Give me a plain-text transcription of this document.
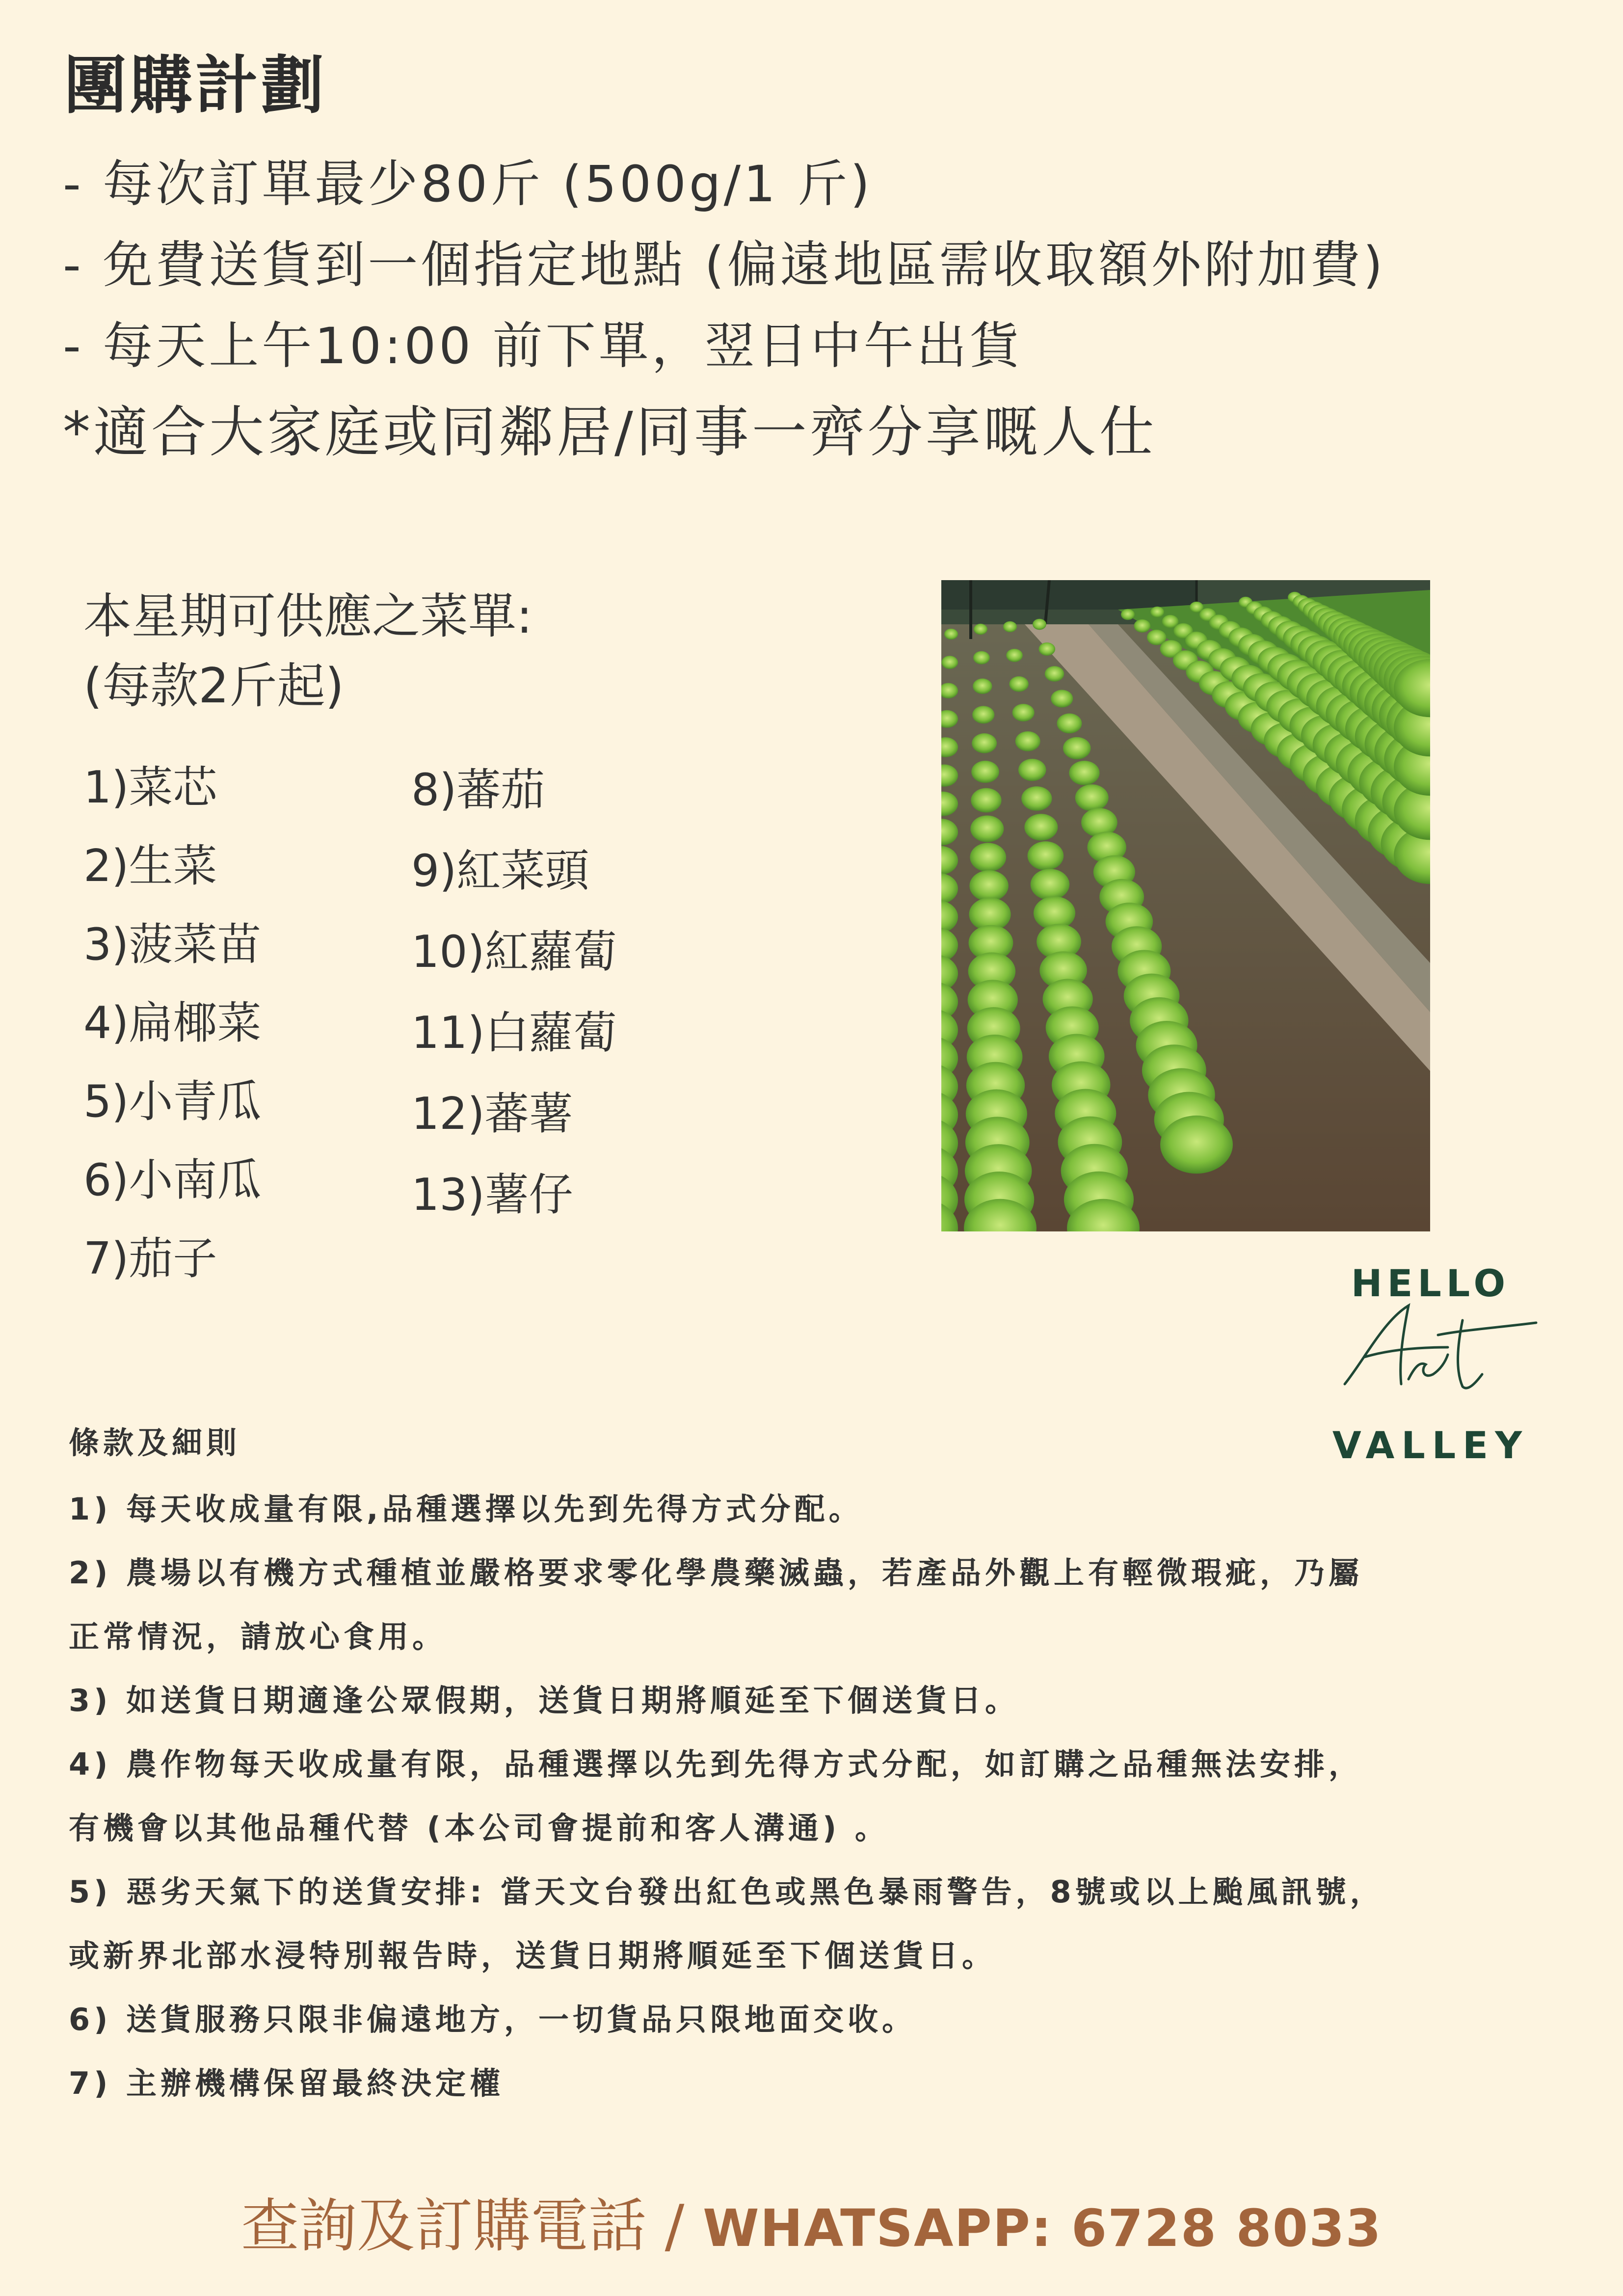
團購計劃
- 每次訂單最少80斤 (500g/1 斤)
- 免費送貨到一個指定地點 (偏遠地區需收取額外附加費)
- 每天上午10:00 前下單，翌日中午出貨
*適合大家庭或同鄰居/同事一齊分享嘅人仕
本星期可供應之菜單:
(每款2斤起)
1)菜芯
2)生菜
3)菠菜苗
4)扁椰菜
5)小青瓜
6)小南瓜
7)茄子
8)蕃茄
9)紅菜頭
10)紅蘿蔔
11)白蘿蔔
12)蕃薯
13)薯仔
HELLO
VALLEY
條款及細則
1) 每天收成量有限,品種選擇以先到先得方式分配。
2) 農場以有機方式種植並嚴格要求零化學農藥滅蟲，若產品外觀上有輕微瑕疵，乃屬
正常情況，請放心食用。
3) 如送貨日期適逢公眾假期，送貨日期將順延至下個送貨日。
4) 農作物每天收成量有限，品種選擇以先到先得方式分配，如訂購之品種無法安排，
有機會以其他品種代替 (本公司會提前和客人溝通) 。
5) 惡劣天氣下的送貨安排: 當天文台發出紅色或黑色暴雨警告，8號或以上颱風訊號，
或新界北部水浸特別報告時，送貨日期將順延至下個送貨日。
6) 送貨服務只限非偏遠地方，一切貨品只限地面交收。
7) 主辦機構保留最終決定權
查詢及訂購電話 / WHATSAPP: 6728 8033
